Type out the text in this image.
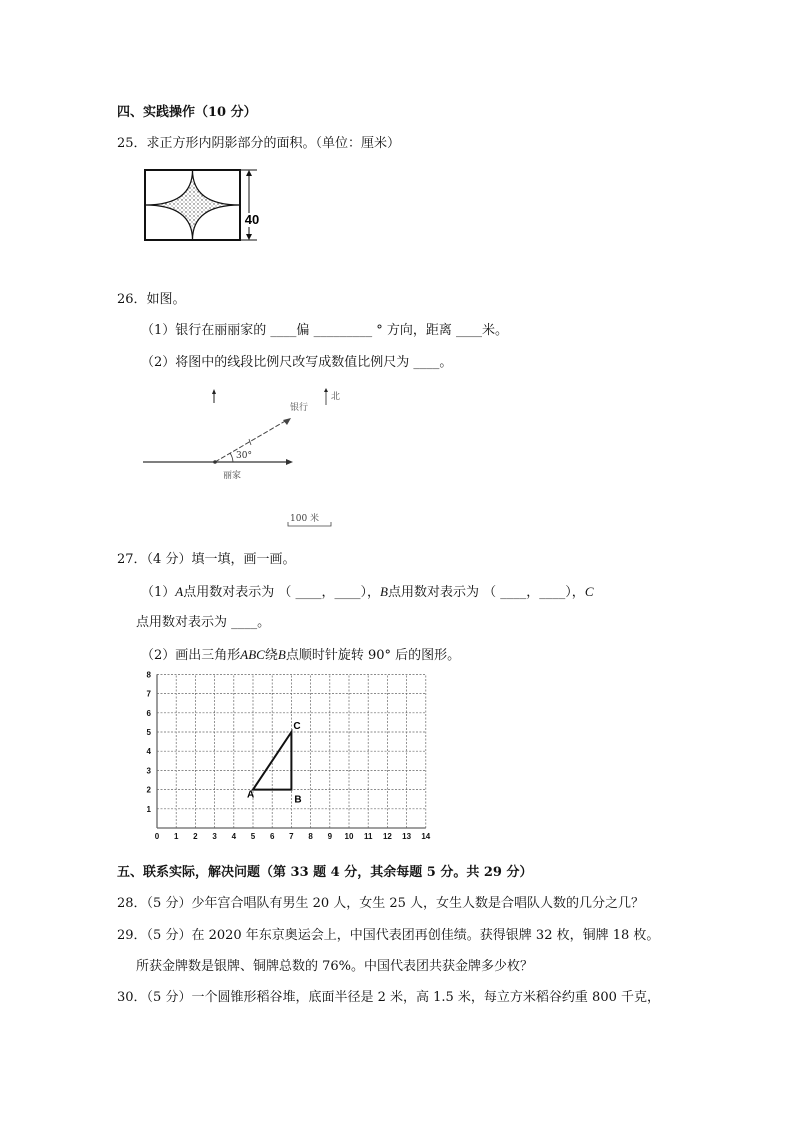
四、实践操作（10 分）
25．求正方形内阴影部分的面积。（单位：厘米）
40
26．如图。
（1）银行在丽丽家的 ____偏 _________ ° 方向，距离 ____米。
（2）将图中的线段比例尺改写成数值比例尺为 ____。
北
银行
30°
丽家
100 米
27．（4 分）填一填，画一画。
（1）A点用数对表示为 （ ____，____），B点用数对表示为 （ ____，____），C
点用数对表示为 ____。
（2）画出三角形ABC绕B点顺时针旋转 90° 后的图形。
0 1 2 3 4 5 6 7 8 9 10 11 12 13 14
1
2
3
4
5
6
7
8
A	B
C
五、联系实际，解决问题（第 33 题 4 分，其余每题 5 分。共 29 分）
28．（5 分）少年宫合唱队有男生 20 人，女生 25 人，女生人数是合唱队人数的几分之几？
29．（5 分）在 2020 年东京奥运会上，中国代表团再创佳绩。获得银牌 32 枚，铜牌 18 枚。
所获金牌数是银牌、铜牌总数的 76%。中国代表团共获金牌多少枚？
30．（5 分）一个圆锥形稻谷堆，底面半径是 2 米，高 1.5 米，每立方米稻谷约重 800 千克，
